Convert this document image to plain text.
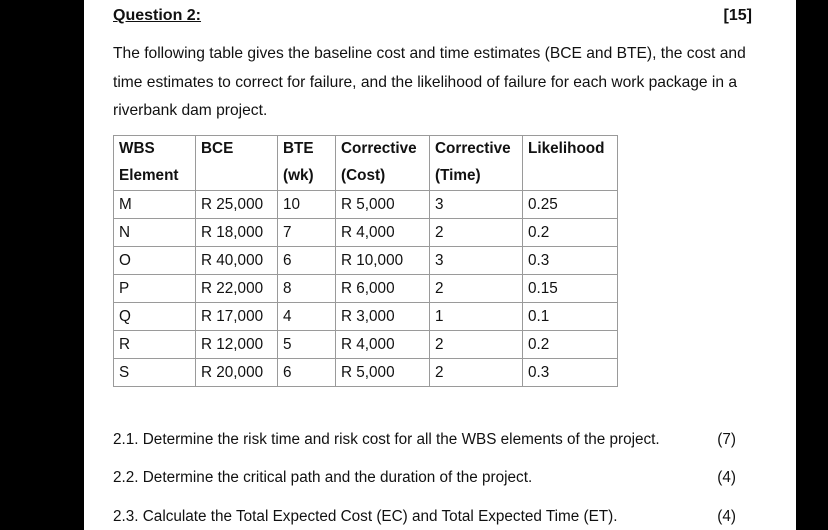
Question 2:	[15]
The following table gives the baseline cost and time estimates (BCE and BTE), the cost and time estimates to correct for failure, and the likelihood of failure for each work package in a riverbank dam project.
WBS	BCE	BTE	Corrective	Corrective	Likelihood
Element		(wk)	(Cost)	(Time)	
M	R 25,000	10	R 5,000	3	0.25
N	R 18,000	7	R 4,000	2	0.2
O	R 40,000	6	R 10,000	3	0.3
P	R 22,000	8	R 6,000	2	0.15
Q	R 17,000	4	R 3,000	1	0.1
R	R 12,000	5	R 4,000	2	0.2
S	R 20,000	6	R 5,000	2	0.3
2.1. Determine the risk time and risk cost for all the WBS elements of the project.	(7)
2.2. Determine the critical path and the duration of the project.	(4)
2.3. Calculate the Total Expected Cost (EC) and Total Expected Time (ET).	(4)
